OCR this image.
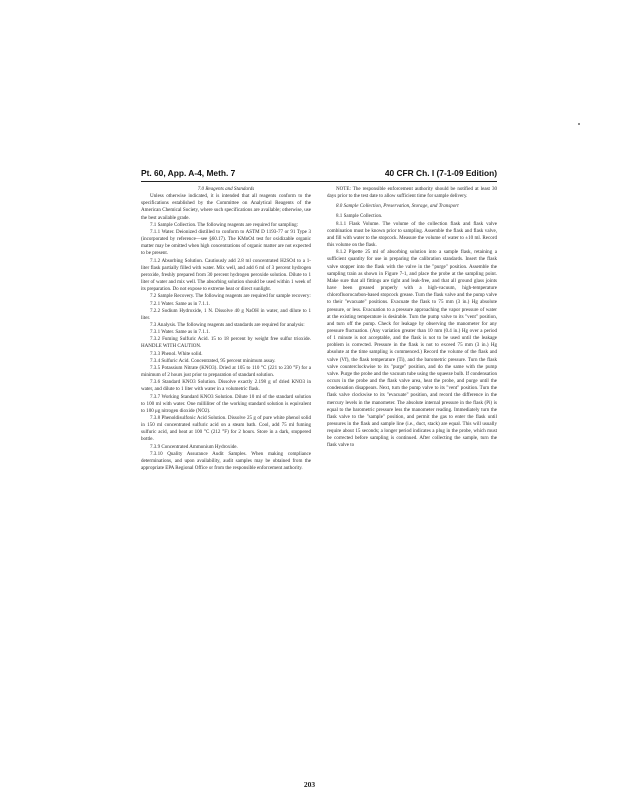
Pt. 60, App. A-4, Meth. 7	40 CFR Ch. I (7-1-09 Edition)

7.0 Reagents and Standards

Unless otherwise indicated, it is intended that all reagents conform to the specifications established by the Committee on Analytical Reagents of the American Chemical Society, where such specifications are available; otherwise, use the best available grade.

7.1 Sample Collection. The following reagents are required for sampling:

7.1.1 Water. Deionized distilled to conform to ASTM D 1193-77 or 91 Type 3 (incorporated by reference—see §60.17). The KMnO4 test for oxidizable organic matter may be omitted when high concentrations of organic matter are not expected to be present.

7.1.2 Absorbing Solution. Cautiously add 2.8 ml concentrated H2SO4 to a 1-liter flask partially filled with water. Mix well, and add 6 ml of 3 percent hydrogen peroxide, freshly prepared from 30 percent hydrogen peroxide solution. Dilute to 1 liter of water and mix well. The absorbing solution should be used within 1 week of its preparation. Do not expose to extreme heat or direct sunlight.

7.2 Sample Recovery. The following reagents are required for sample recovery:

7.2.1 Water. Same as in 7.1.1.

7.2.2 Sodium Hydroxide, 1 N. Dissolve 40 g NaOH in water, and dilute to 1 liter.

7.3 Analysis. The following reagents and standards are required for analysis:

7.3.1 Water. Same as in 7.1.1.

7.3.2 Fuming Sulfuric Acid. 15 to 18 percent by weight free sulfur trioxide. HANDLE WITH CAUTION.

7.3.3 Phenol. White solid.

7.3.4 Sulfuric Acid. Concentrated, 95 percent minimum assay.

7.3.5 Potassium Nitrate (KNO3). Dried at 105 to 110 °C (221 to 230 °F) for a minimum of 2 hours just prior to preparation of standard solution.

7.3.6 Standard KNO3 Solution. Dissolve exactly 2.198 g of dried KNO3 in water, and dilute to 1 liter with water in a volumetric flask.

7.3.7 Working Standard KNO3 Solution. Dilute 10 ml of the standard solution to 100 ml with water. One milliliter of the working standard solution is equivalent to 100 μg nitrogen dioxide (NO2).

7.3.8 Phenoldisulfonic Acid Solution. Dissolve 25 g of pure white phenol solid in 150 ml concentrated sulfuric acid on a steam bath. Cool, add 75 ml fuming sulfuric acid, and heat at 100 °C (212 °F) for 2 hours. Store in a dark, stoppered bottle.

7.3.9 Concentrated Ammonium Hydroxide.

7.3.10 Quality Assurance Audit Samples. When making compliance determinations, and upon availability, audit samples may be obtained from the appropriate EPA Regional Office or from the responsible enforcement authority.

NOTE: The responsible enforcement authority should be notified at least 30 days prior to the test date to allow sufficient time for sample delivery.

8.0 Sample Collection, Preservation, Storage, and Transport

8.1 Sample Collection.

8.1.1 Flask Volume. The volume of the collection flask and flask valve combination must be known prior to sampling. Assemble the flask and flask valve, and fill with water to the stopcock. Measure the volume of water to ±10 ml. Record this volume on the flask.

8.1.2 Pipette 25 ml of absorbing solution into a sample flask, retaining a sufficient quantity for use in preparing the calibration standards. Insert the flask valve stopper into the flask with the valve in the "purge" position. Assemble the sampling train as shown in Figure 7-1, and place the probe at the sampling point. Make sure that all fittings are tight and leak-free, and that all ground glass joints have been greased properly with a high-vacuum, high-temperature chlorofluorocarbon-based stopcock grease. Turn the flask valve and the pump valve to their "evacuate" positions. Evacuate the flask to 75 mm (3 in.) Hg absolute pressure, or less. Evacuation to a pressure approaching the vapor pressure of water at the existing temperature is desirable. Turn the pump valve to its "vent" position, and turn off the pump. Check for leakage by observing the manometer for any pressure fluctuation. (Any variation greater than 10 mm (0.4 in.) Hg over a period of 1 minute is not acceptable, and the flask is not to be used until the leakage problem is corrected. Pressure in the flask is not to exceed 75 mm (3 in.) Hg absolute at the time sampling is commenced.) Record the volume of the flask and valve (Vf), the flask temperature (Ti), and the barometric pressure. Turn the flask valve counterclockwise to its "purge" position, and do the same with the pump valve. Purge the probe and the vacuum tube using the squeeze bulb. If condensation occurs in the probe and the flask valve area, heat the probe, and purge until the condensation disappears. Next, turn the pump valve to its "vent" position. Turn the flask valve clockwise to its "evacuate" position, and record the difference in the mercury levels in the manometer. The absolute internal pressure in the flask (Pi) is equal to the barometric pressure less the manometer reading. Immediately turn the flask valve to the "sample" position, and permit the gas to enter the flask until pressures in the flask and sample line (i.e., duct, stack) are equal. This will usually require about 15 seconds; a longer period indicates a plug in the probe, which must be corrected before sampling is continued. After collecting the sample, turn the flask valve to

203
